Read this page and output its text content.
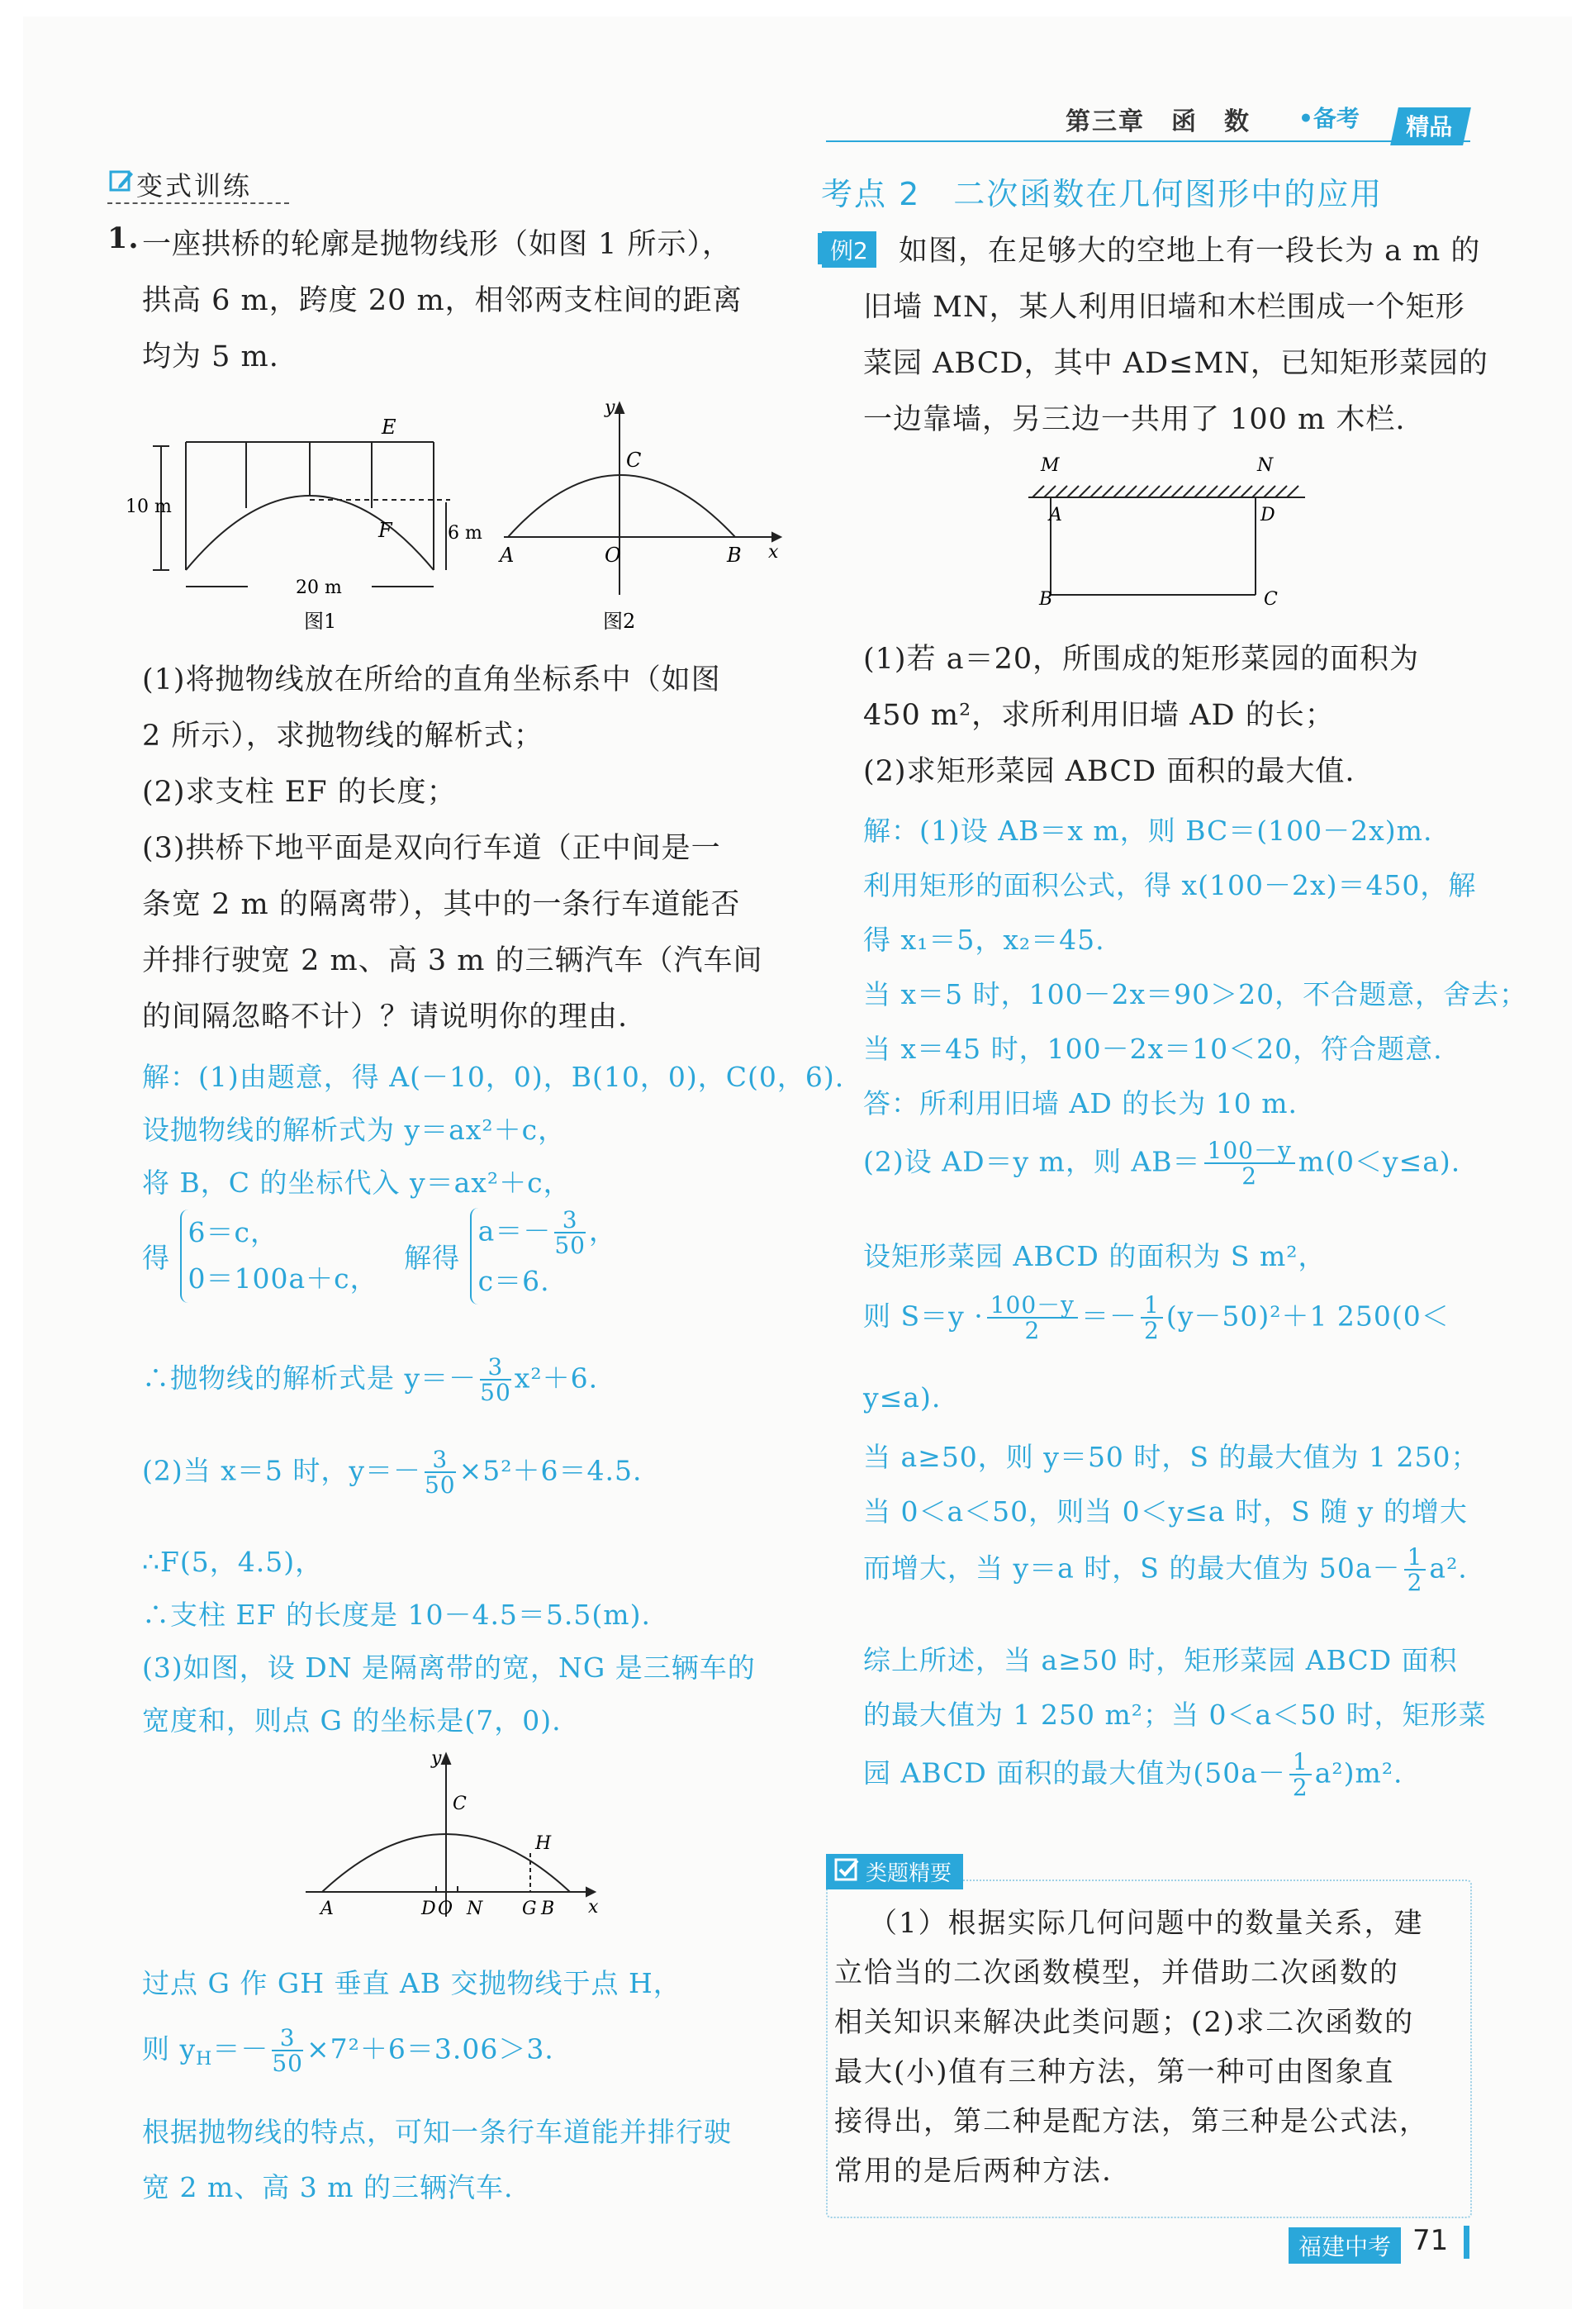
第三章　函　数 •备考	精品
变式训练
1. 一座拱桥的轮廓是抛物线形（如图 1 所示），
拱高 6 m，跨度 20 m，相邻两支柱间的距离
均为 5 m.
E
F
10 m
6 m
20 m
图1
y
x
C
A	O	B
图2
(1)将抛物线放在所给的直角坐标系中（如图
2 所示），求抛物线的解析式；
(2)求支柱 EF 的长度；
(3)拱桥下地平面是双向行车道（正中间是一
条宽 2 m 的隔离带），其中的一条行车道能否
并排行驶宽 2 m、高 3 m 的三辆汽车（汽车间
的间隔忽略不计）？请说明你的理由.
解：(1)由题意，得 A(－10，0)，B(10，0)，C(0，6).
设抛物线的解析式为 y＝ax²＋c，
将 B，C 的坐标代入 y＝ax²＋c，
得 6＝c，
0＝100a＋c， 解得 $a=- \frac{3}{50}$ ，
c＝6.
∴抛物线的解析式是 $y=- \frac{3}{50} x^2+6$.
(2)当 x＝5 时，$y=- \frac{3}{50} \times 5^2+6=4.5$.
∴F(5，4.5)，
∴支柱 EF 的长度是 10－4.5＝5.5(m).
(3)如图，设 DN 是隔离带的宽，NG 是三辆车的
宽度和，则点 G 的坐标是(7，0).
y
x
C
H
A	D O N G B
过点 G 作 GH 垂直 AB 交抛物线于点 H，
则 $y_H=- \frac{3}{50} \times 7^2+6=3.06>3$.
根据抛物线的特点，可知一条行车道能并排行驶
宽 2 m、高 3 m 的三辆汽车.
考点 2　二次函数在几何图形中的应用
例2 如图，在足够大的空地上有一段长为 a m 的
旧墙 MN，某人利用旧墙和木栏围成一个矩形
菜园 ABCD，其中 AD≤MN，已知矩形菜园的
一边靠墙，另三边一共用了 100 m 木栏.
M	N
A	D
B	C
(1)若 a＝20，所围成的矩形菜园的面积为
450 m²，求所利用旧墙 AD 的长；
(2)求矩形菜园 ABCD 面积的最大值.
解：(1)设 AB＝x m，则 BC＝(100－2x)m.
利用矩形的面积公式，得 x(100－2x)＝450，解
得 x₁＝5，x₂＝45.
当 x＝5 时，100－2x＝90＞20，不合题意，舍去；
当 x＝45 时，100－2x＝10＜20，符合题意.
答：所利用旧墙 AD 的长为 10 m.
(2)设 AD＝y m，则 $AB= \frac{100-y}{2} m(0<y\le a)$.
设矩形菜园 ABCD 的面积为 S m²，
则 $S=y \cdot \frac{100-y}{2} =- \frac{1}{2} (y-50)^2+1$ 250(0＜
y≤a).
当 a≥50，则 y＝50 时，S 的最大值为 1 250；
当 0＜a＜50，则当 0＜y≤a 时，S 随 y 的增大
而增大，当 y＝a 时，S 的最大值为 $50a- \frac{1}{2} a^2$.
综上所述，当 a≥50 时，矩形菜园 ABCD 面积
的最大值为 1 250 m²；当 0＜a＜50 时，矩形菜
园 ABCD 面积的最大值为$(50a- \frac{1}{2} a^2)m^2$.
类题精要
（1）根据实际几何问题中的数量关系，建
立恰当的二次函数模型，并借助二次函数的
相关知识来解决此类问题；(2)求二次函数的
最大(小)值有三种方法，第一种可由图象直
接得出，第二种是配方法，第三种是公式法，
常用的是后两种方法.
福建中考 71
